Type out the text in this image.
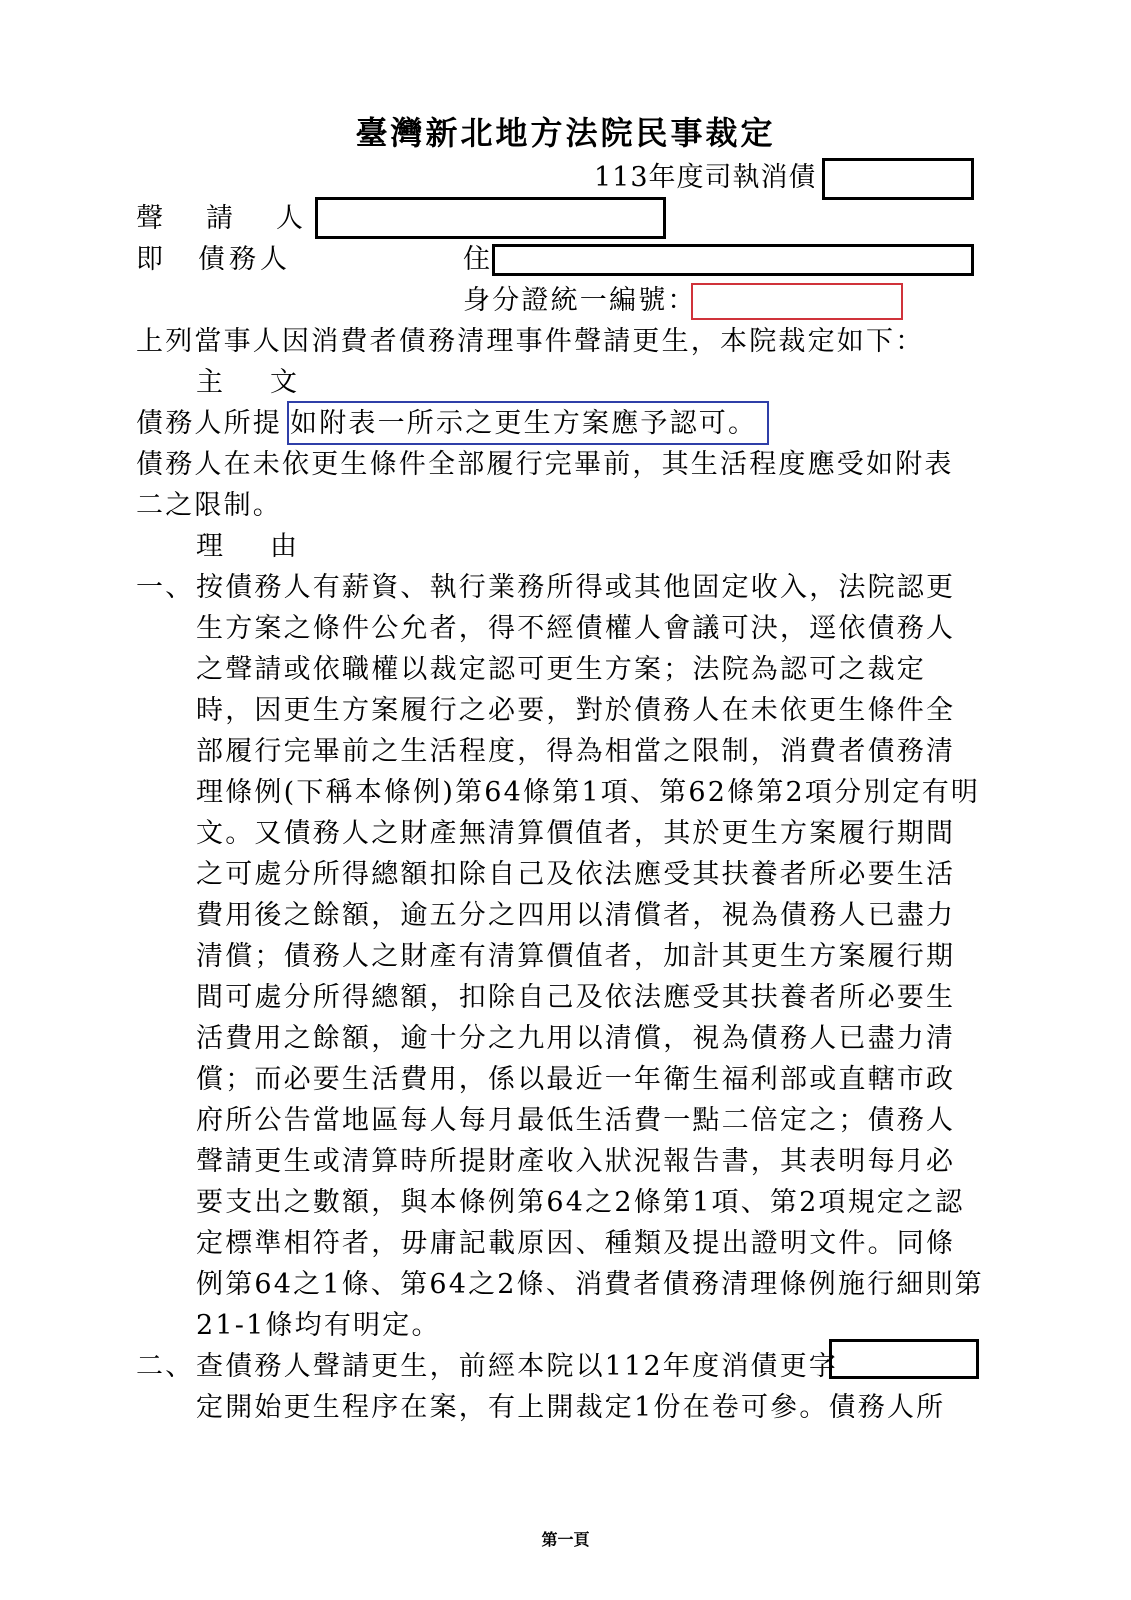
臺灣新北地方法院民事裁定
113年度司執消債
聲　請　人
即　債務人	住
身分證統一編號：
上列當事人因消費者債務清理事件聲請更生，本院裁定如下：
主　文
債務人所提 如附表一所示之更生方案應予認可。
債務人在未依更生條件全部履行完畢前，其生活程度應受如附表
二之限制。
理　由
一、 按債務人有薪資、執行業務所得或其他固定收入，法院認更
生方案之條件公允者，得不經債權人會議可決，逕依債務人
之聲請或依職權以裁定認可更生方案；法院為認可之裁定
時，因更生方案履行之必要，對於債務人在未依更生條件全
部履行完畢前之生活程度，得為相當之限制，消費者債務清
理條例(下稱本條例)第64條第1項、第62條第2項分別定有明
文。又債務人之財產無清算價值者，其於更生方案履行期間
之可處分所得總額扣除自己及依法應受其扶養者所必要生活
費用後之餘額，逾五分之四用以清償者，視為債務人已盡力
清償；債務人之財產有清算價值者，加計其更生方案履行期
間可處分所得總額，扣除自己及依法應受其扶養者所必要生
活費用之餘額，逾十分之九用以清償，視為債務人已盡力清
償；而必要生活費用，係以最近一年衛生福利部或直轄市政
府所公告當地區每人每月最低生活費一點二倍定之；債務人
聲請更生或清算時所提財產收入狀況報告書，其表明每月必
要支出之數額，與本條例第64之2條第1項、第2項規定之認
定標準相符者，毋庸記載原因、種類及提出證明文件。同條
例第64之1條、第64之2條、消費者債務清理條例施行細則第
21-1條均有明定。
二、 查債務人聲請更生，前經本院以112年度消債更字
定開始更生程序在案，有上開裁定1份在卷可參。債務人所
第一頁
